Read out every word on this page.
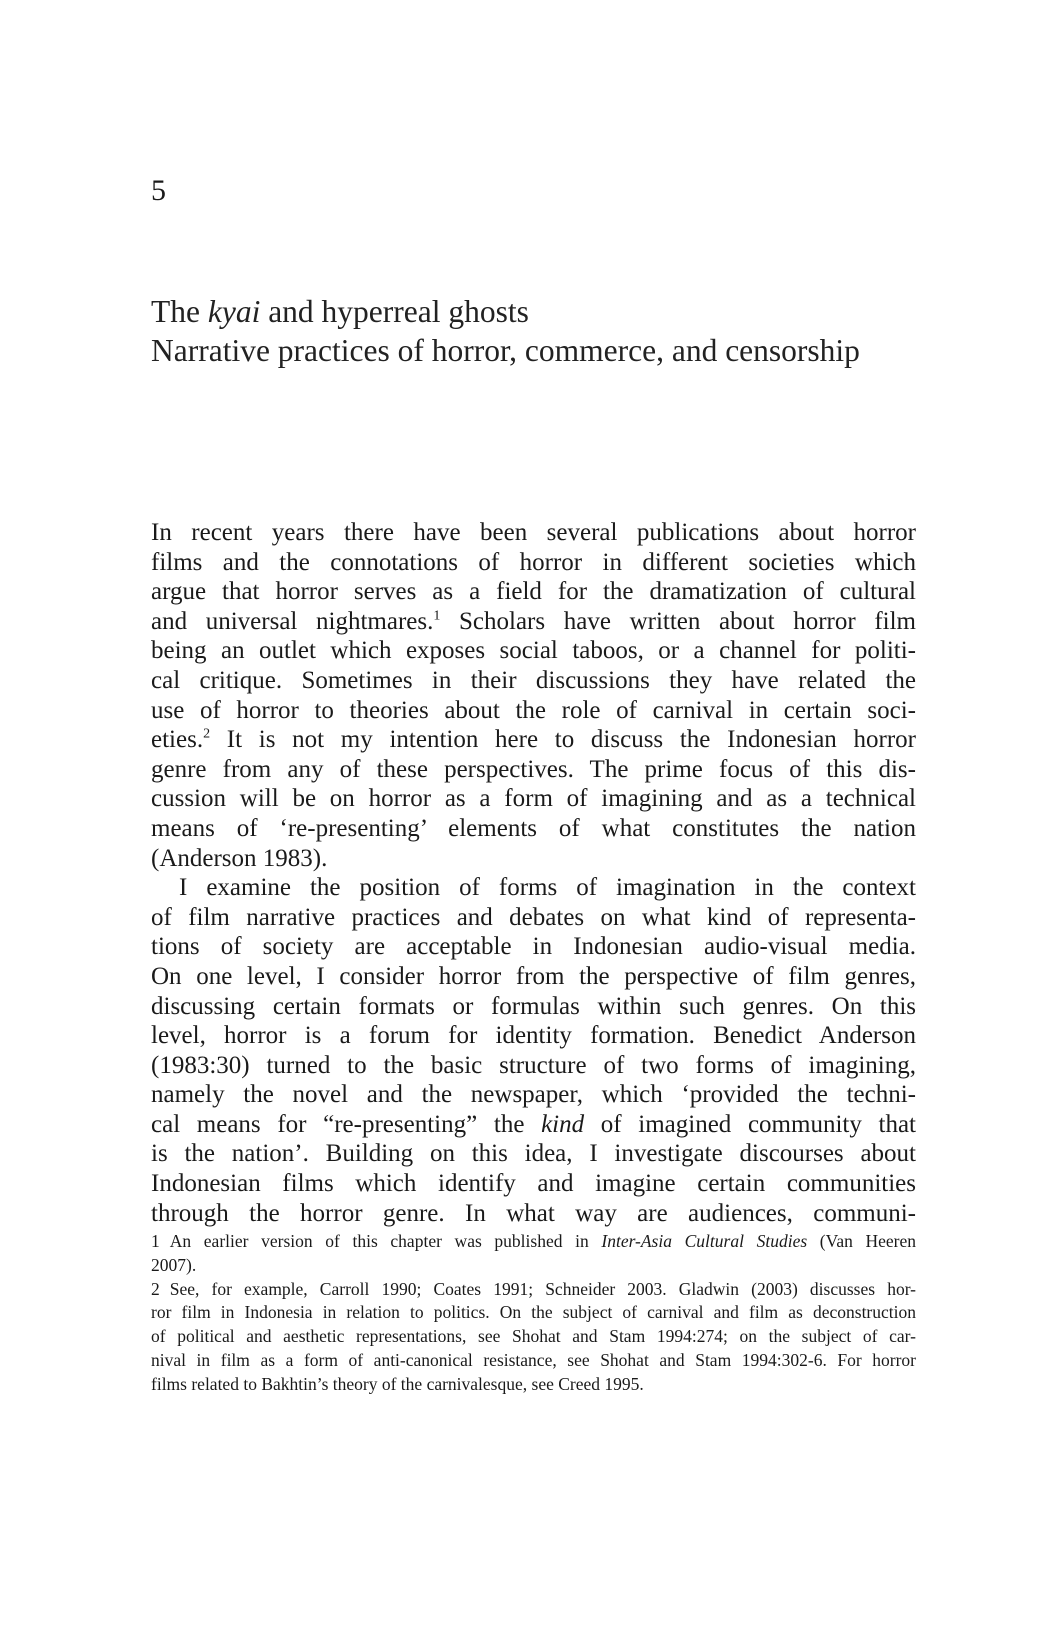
5
The kyai and hyperreal ghosts
Narrative practices of horror, commerce, and censorship
In recent years there have been several publications about horror
films and the connotations of horror in different societies which
argue that horror serves as a field for the dramatization of cultural
and universal nightmares.$^1$ Scholars have written about horror film
being an outlet which exposes social taboos, or a channel for politi-
cal critique. Sometimes in their discussions they have related the
use of horror to theories about the role of carnival in certain soci-
eties.$^2$ It is not my intention here to discuss the Indonesian horror
genre from any of these perspectives. The prime focus of this dis-
cussion will be on horror as a form of imagining and as a technical
means of ‘re-presenting’ elements of what constitutes the nation
(Anderson 1983).
I examine the position of forms of imagination in the context
of film narrative practices and debates on what kind of representa-
tions of society are acceptable in Indonesian audio-visual media.
On one level, I consider horror from the perspective of film genres,
discussing certain formats or formulas within such genres. On this
level, horror is a forum for identity formation. Benedict Anderson
(1983:30) turned to the basic structure of two forms of imagining,
namely the novel and the newspaper, which ‘provided the techni-
cal means for “re-presenting” the kind of imagined community that
is the nation’. Building on this idea, I investigate discourses about
Indonesian films which identify and imagine certain communities
through the horror genre. In what way are audiences, communi-
1 An earlier version of this chapter was published in Inter-Asia Cultural Studies (Van Heeren
2007).
2 See, for example, Carroll 1990; Coates 1991; Schneider 2003. Gladwin (2003) discusses hor-
ror film in Indonesia in relation to politics. On the subject of carnival and film as deconstruction
of political and aesthetic representations, see Shohat and Stam 1994:274; on the subject of car-
nival in film as a form of anti-canonical resistance, see Shohat and Stam 1994:302-6. For horror
films related to Bakhtin’s theory of the carnivalesque, see Creed 1995.
